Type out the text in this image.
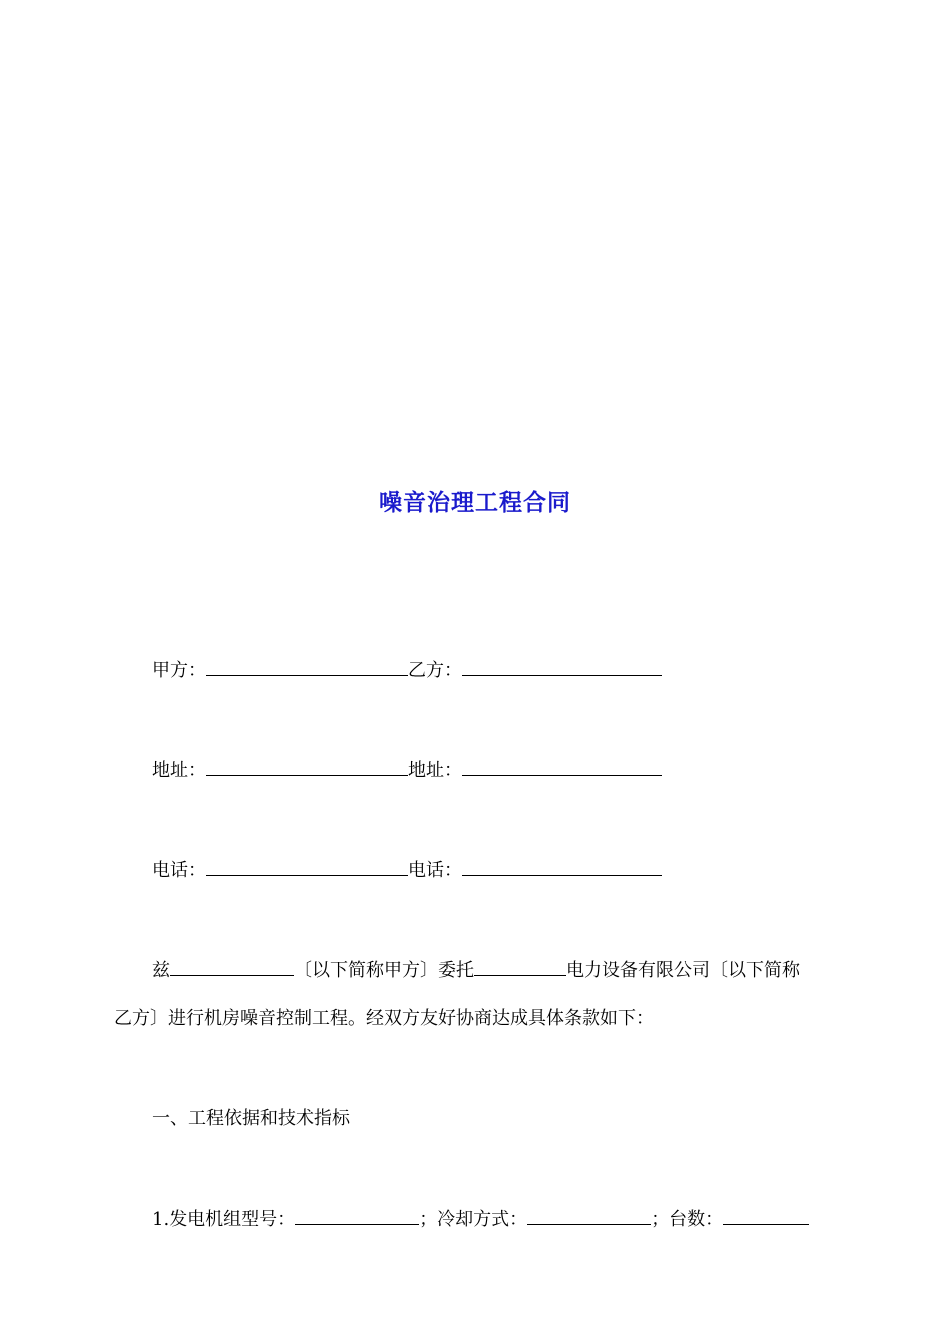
噪音治理工程合同
甲方：	乙方：
地址：	地址：
电话：	电话：
兹	〔以下简称甲方〕委托	电力设备有限公司〔以下简称
乙方〕进行机房噪音控制工程。经双方友好协商达成具体条款如下：
一、工程依据和技术指标
1.发电机组型号：	；冷却方式：	；台数：
